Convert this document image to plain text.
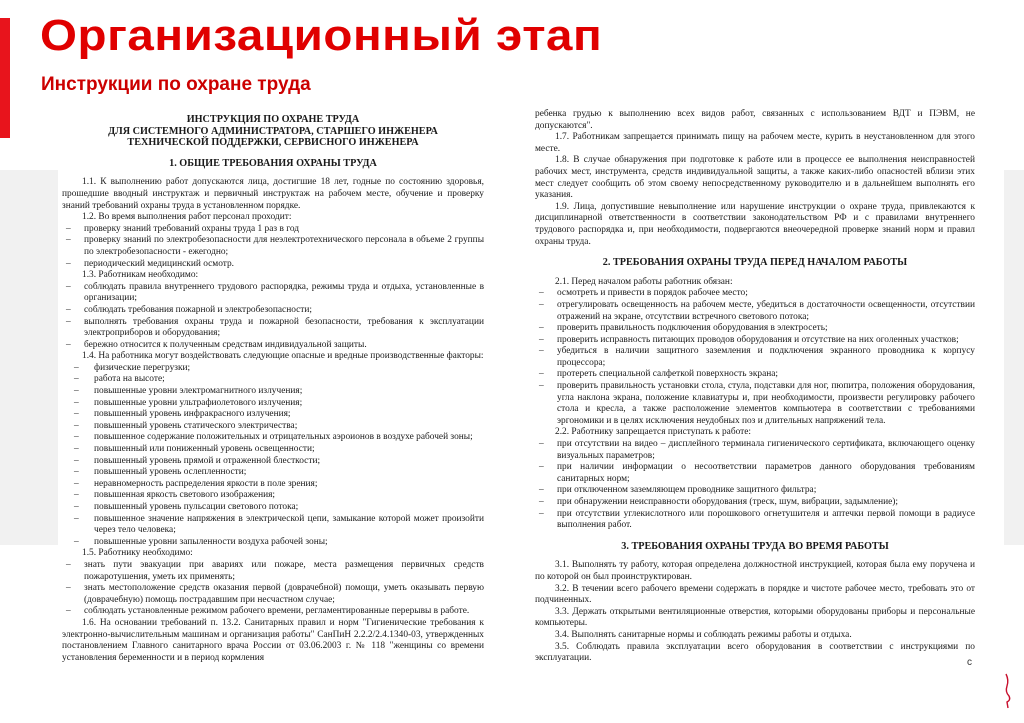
Организационный этап
Инструкции по охране труда

ИНСТРУКЦИЯ ПО ОХРАНЕ ТРУДА

ДЛЯ СИСТЕМНОГО АДМИНИСТРАТОРА, СТАРШЕГО ИНЖЕНЕРА

ТЕХНИЧЕСКОЙ ПОДДЕРЖКИ, СЕРВИСНОГО ИНЖЕНЕРА

1. ОБЩИЕ ТРЕБОВАНИЯ ОХРАНЫ ТРУДА

1.1. К выполнению работ допускаются лица, достигшие 18 лет, годные по состоянию здоровья, прошедшие вводный инструктаж и первичный инструктаж на рабочем месте, обучение и проверку знаний требований охраны труда в установленном порядке.

1.2. Во время выполнения работ персонал проходит:

– проверку знаний требований охраны труда 1 раз в год
– проверку знаний по электробезопасности для неэлектротехнического персонала в объеме 2 группы по электробезопасности - ежегодно;
– периодический медицинский осмотр.

1.3. Работникам необходимо:

– соблюдать правила внутреннего трудового распорядка, режимы труда и отдыха, установленные в организации;
– соблюдать требования пожарной и электробезопасности;
– выполнять требования охраны труда и пожарной безопасности, требования к эксплуатации электроприборов и оборудования;
– бережно относится к полученным средствам индивидуальной защиты.

1.4. На работника могут воздействовать следующие опасные и вредные производственные факторы:

– физические перегрузки;
– работа на высоте;
– повышенные уровни электромагнитного излучения;
– повышенные уровни ультрафиолетового излучения;
– повышенный уровень инфракрасного излучения;
– повышенный уровень статического электричества;
– повышенное содержание положительных и отрицательных аэроионов в воздухе рабочей зоны;
– повышенный или пониженный уровень освещенности;
– повышенный уровень прямой и отраженной блесткости;
– повышенный уровень ослепленности;
– неравномерность распределения яркости в поле зрения;
– повышенная яркость светового изображения;
– повышенный уровень пульсации светового потока;
– повышенное значение напряжения в электрической цепи, замыкание которой может произойти через тело человека;
– повышенные уровни запыленности воздуха рабочей зоны;

1.5. Работнику необходимо:

– знать пути эвакуации при авариях или пожаре, места размещения первичных средств пожаротушения, уметь их применять;
– знать местоположение средств оказания первой (доврачебной) помощи, уметь оказывать первую (доврачебную) помощь пострадавшим при несчастном случае;
– соблюдать установленные режимом рабочего времени, регламентированные перерывы в работе.

1.6. На основании требований п. 13.2. Санитарных правил и норм "Гигиенические требования к электронно-вычислительным машинам и организация работы" СанПиН 2.2.2/2.4.1340-03, утвержденных постановлением Главного санитарного врача России от 03.06.2003 г. № 118 "женщины со времени установления беременности и в период кормления

ребенка грудью к выполнению всех видов работ, связанных с использованием ВДТ и ПЭВМ, не допускаются".

1.7. Работникам запрещается принимать пищу на рабочем месте, курить в неустановленном для этого месте.

1.8. В случае обнаружения при подготовке к работе или в процессе ее выполнения неисправностей рабочих мест, инструмента, средств индивидуальной защиты, а также каких-либо опасностей вблизи этих мест следует сообщить об этом своему непосредственному руководителю и в дальнейшем выполнять его указания.

1.9. Лица, допустившие невыполнение или нарушение инструкции о охране труда, привлекаются к дисциплинарной ответственности в соответствии законодательством РФ и с правилами внутреннего трудового распорядка и, при необходимости, подвергаются внеочередной проверке знаний норм и правил охраны труда.

2. ТРЕБОВАНИЯ ОХРАНЫ ТРУДА ПЕРЕД НАЧАЛОМ РАБОТЫ

2.1. Перед началом работы работник обязан:

– осмотреть и привести в порядок рабочее место;
– отрегулировать освещенность на рабочем месте, убедиться в достаточности освещенности, отсутствии отражений на экране, отсутствии встречного светового потока;
– проверить правильность подключения оборудования в электросеть;
– проверить исправность питающих проводов оборудования и отсутствие на них оголенных участков;
– убедиться в наличии защитного заземления и подключения экранного проводника к корпусу процессора;
– протереть специальной салфеткой поверхность экрана;
– проверить правильность установки стола, стула, подставки для ног, пюпитра, положения оборудования, угла наклона экрана, положение клавиатуры и, при необходимости, произвести регулировку рабочего стола и кресла, а также расположение элементов компьютера в соответствии с требованиями эргономики и в целях исключения неудобных поз и длительных напряжений тела.

2.2. Работнику запрещается приступать к работе:

– при отсутствии на видео – дисплейного терминала гигиенического сертификата, включающего оценку визуальных параметров;
– при наличии информации о несоответствии параметров данного оборудования требованиям санитарных норм;
– при отключенном заземляющем проводнике защитного фильтра;
– при обнаружении неисправности оборудования (треск, шум, вибрации, задымление);
– при отсутствии углекислотного или порошкового огнетушителя и аптечки первой помощи в радиусе выполнения работ.
3. ТРЕБОВАНИЯ ОХРАНЫ ТРУДА ВО ВРЕМЯ РАБОТЫ

3.1. Выполнять ту работу, которая определена должностной инструкцией, которая была ему поручена и по которой он был проинструктирован.

3.2. В течении всего рабочего времени содержать в порядке и чистоте рабочее место, требовать это от подчиненных.

3.3. Держать открытыми вентиляционные отверстия, которыми оборудованы приборы и персональные компьютеры.

3.4. Выполнять санитарные нормы и соблюдать режимы работы и отдыха.

3.5. Соблюдать правила эксплуатации всего оборудования в соответствии с инструкциями по эксплуатации.	c
